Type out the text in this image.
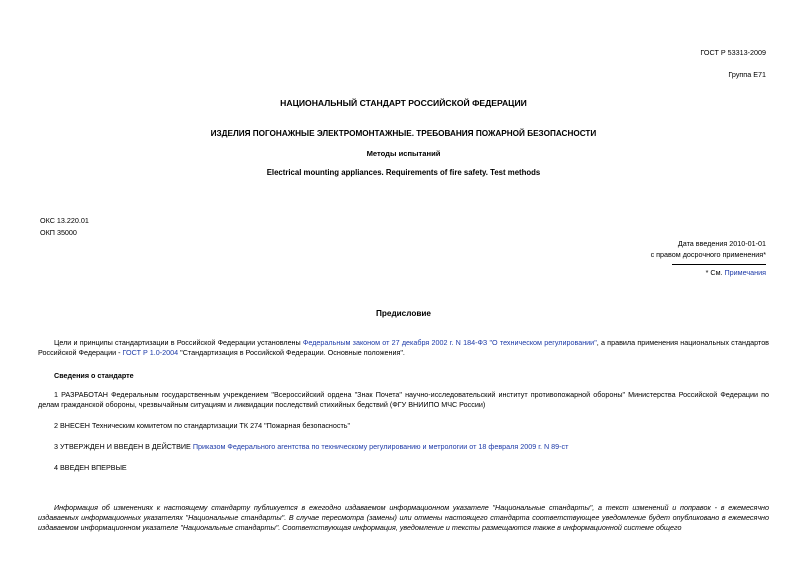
ГОСТ Р 53313-2009
Группа Е71
НАЦИОНАЛЬНЫЙ СТАНДАРТ РОССИЙСКОЙ ФЕДЕРАЦИИ
ИЗДЕЛИЯ ПОГОНАЖНЫЕ ЭЛЕКТРОМОНТАЖНЫЕ. ТРЕБОВАНИЯ ПОЖАРНОЙ БЕЗОПАСНОСТИ
Методы испытаний
Electrical mounting appliances. Requirements of fire safety. Test methods
ОКС 13.220.01
ОКП 35000
Дата введения 2010-01-01
с правом досрочного применения*
* См. Примечания
Предисловие
Цели и принципы стандартизации в Российской Федерации установлены Федеральным законом от 27 декабря 2002 г. N 184-ФЗ "О техническом регулировании", а правила применения национальных стандартов Российской Федерации - ГОСТ Р 1.0-2004 "Стандартизация в Российской Федерации. Основные положения".
Сведения о стандарте
1 РАЗРАБОТАН Федеральным государственным учреждением "Всероссийский ордена "Знак Почета" научно-исследовательский институт противопожарной обороны" Министерства Российской Федерации по делам гражданской обороны, чрезвычайным ситуациям и ликвидации последствий стихийных бедствий (ФГУ ВНИИПО МЧС России)
2 ВНЕСЕН Техническим комитетом по стандартизации ТК 274 "Пожарная безопасность"
3 УТВЕРЖДЕН И ВВЕДЕН В ДЕЙСТВИЕ Приказом Федерального агентства по техническому регулированию и метрологии от 18 февраля 2009 г. N 89-ст
4 ВВЕДЕН ВПЕРВЫЕ
Информация об изменениях к настоящему стандарту публикуется в ежегодно издаваемом информационном указателе "Национальные стандарты", а текст изменений и поправок - в ежемесячно издаваемых информационных указателях "Национальные стандарты". В случае пересмотра (замены) или отмены настоящего стандарта соответствующее уведомление будет опубликовано в ежемесячно издаваемом информационном указателе "Национальные стандарты". Соответствующая информация, уведомление и тексты размещаются также в информационной системе общего
